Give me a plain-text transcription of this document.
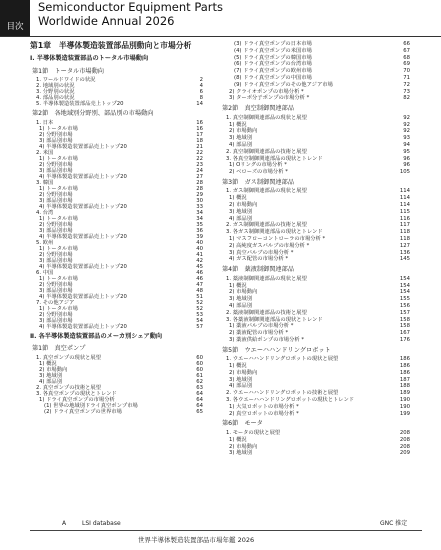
目次
Semiconductor Equipment Parts
Worldwide Annual 2026
第1章　半導体製造装置部品別動向と市場分析
Ⅰ. 半導体製造装置部品のトータル市場動向
第1節　トータル市場動向
1. ワールドワイドの状況	2
2. 地域別の状況	4
3. 分野別の状況	6
4. 部品別の状況	8
5. 半導体製造装置部品売上トップ20	14
第2節　各地域別分野別、部品別の市場動向
1. 日本	16
1) トータル市場	16
2) 分野別市場	17
3) 部品別市場	18
4) 半導体製造装置部品売上トップ20	21
2. 米国	22
1) トータル市場	22
2) 分野別市場	23
3) 部品別市場	24
4) 半導体製造装置部品売上トップ20	27
3. 韓国	28
1) トータル市場	28
2) 分野別市場	29
3) 部品別市場	30
4) 半導体製造装置部品売上トップ20	33
4. 台湾	34
1) トータル市場	34
2) 分野別市場	35
3) 部品別市場	36
4) 半導体製造装置部品売上トップ20	39
5. 欧州	40
1) トータル市場	40
2) 分野別市場	41
3) 部品別市場	42
4) 半導体製造装置部品売上トップ20	45
6. 中国	46
1) トータル市場	46
2) 分野別市場	47
3) 部品別市場	48
4) 半導体製造装置部品売上トップ20	51
7. その他アジア	52
1) トータル市場	52
2) 分野別市場	53
3) 部品別市場	54
4) 半導体製造装置部品売上トップ20	57
Ⅱ. 各半導体製造装置部品のメーカ別シェア動向
第1節　真空ポンプ
1. 真空ポンプの現状と展望	60
1) 概況	60
2) 市場動向	60
3) 地域別	61
4) 部品別	62
2. 真空ポンプの技術と展望	63
3. 各真空ポンプの現状とトレンド	64
1) ドライ真空ポンプの市場分析	64
(1) 世界の地域別ドライ真空ポンプ市場	64
(2) ドライ真空ポンプの世界市場	65
(3) ドライ真空ポンプの日本市場	66
(4) ドライ真空ポンプの米国市場	67
(5) ドライ真空ポンプの韓国市場	68
(6) ドライ真空ポンプの台湾市場	69
(7) ドライ真空ポンプの欧州市場	70
(8) ドライ真空ポンプの中国市場	71
(9) ドライ真空ポンプのその他アジア市場	72
2) クライオポンプの市場分析 *	73
3) ターボ分子ポンプの市場分析 *	82
第2節　真空制御関連部品
1. 真空制御関連部品の現状と展望	92
1) 概況	92
2) 市場動向	92
3) 地域別	93
4) 部品別	94
2. 真空制御関連部品の技術と展望	95
3. 各真空制御関連部品の現状とトレンド	96
1) Oリングの市場分析 *	96
2) ベローズの市場分析 *	105
第3節　ガス制御関連部品
1. ガス制御関連部品の現状と展望	114
1) 概況	114
2) 市場動向	114
3) 地域別	115
4) 部品別	116
2. ガス制御関連部品の技術と展望	117
3. 各ガス制御関連部品の現状とトレンド	118
1) マスフローコントローラの市場分析 *	118
2) 高純度ガスバルブの市場分析 *	127
3) 真空バルブの市場分析 *	136
4) ガス配管の市場分析 *	145
第4節　薬液制御関連部品
1. 薬液制御関連部品の現状と展望	154
1) 概況	154
2) 市場動向	154
3) 地域別	155
4) 部品別	156
2. 薬液制御関連部品の技術と展望	157
3. 各薬液制御関連部品の現状とトレンド	158
1) 薬液バルブの市場分析 *	158
2) 薬液配管の市場分析 *	167
3) 薬液供給ポンプの市場分析 *	176
第5節　ウエーハハンドリングロボット
1. ウエーハハンドリングロボットの現状と展望	186
1) 概況	186
2) 市場動向	186
3) 地域別	187
4) 部品別	188
2. ウエーハハンドリングロボットの技術と展望	189
3. 各ウエーハハンドリングロボットの現状とトレンド	190
1) 大気ロボットの市場分析 *	190
2) 真空ロボットの市場分析 *	199
第6節　モータ
1. モータの現状と展望	208
1) 概況	208
2) 市場動向	208
3) 地域別	209
A	LSI database	GNC 推定
世界半導体製造装置部品市場年鑑 2026
